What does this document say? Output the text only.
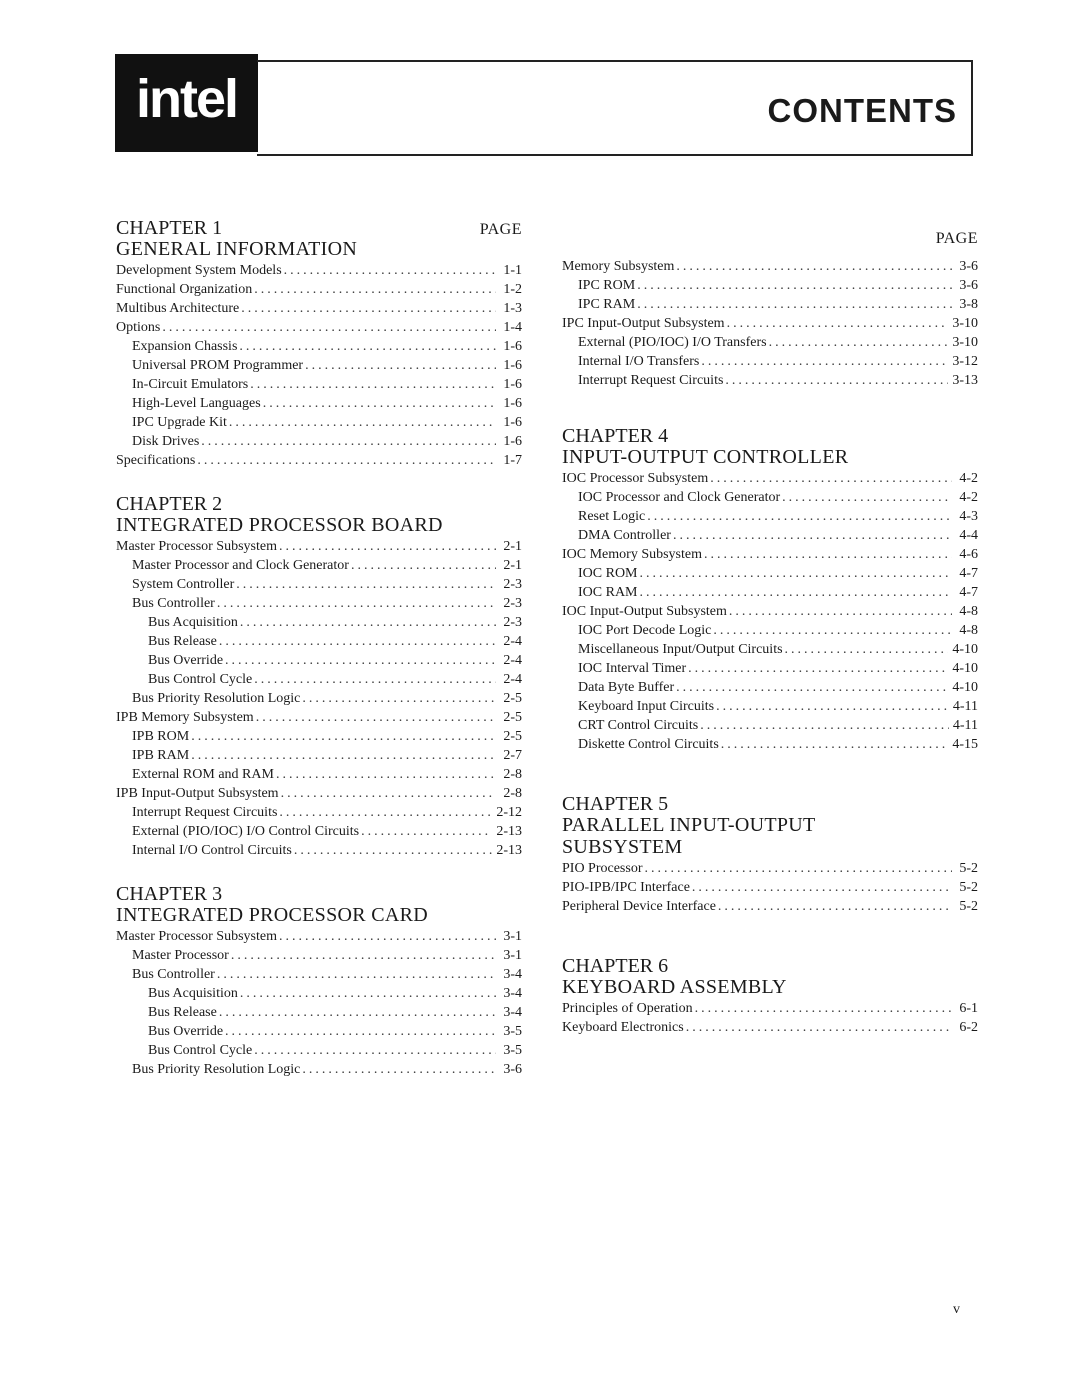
intel	CONTENTS
CHAPTER 1	PAGE
GENERAL INFORMATION
Development System Models .....	1-1
Functional Organization .....	1-2
Multibus Architecture .....	1-3
Options .....	1-4
Expansion Chassis .....	1-6
Universal PROM Programmer .....	1-6
In-Circuit Emulators .....	1-6
High-Level Languages .....	1-6
IPC Upgrade Kit .....	1-6
Disk Drives .....	1-6
Specifications .....	1-7
CHAPTER 2
INTEGRATED PROCESSOR BOARD
Master Processor Subsystem .....	2-1
Master Processor and Clock Generator .....	2-1
System Controller .....	2-3
Bus Controller .....	2-3
Bus Acquisition .....	2-3
Bus Release .....	2-4
Bus Override .....	2-4
Bus Control Cycle .....	2-4
Bus Priority Resolution Logic .....	2-5
IPB Memory Subsystem .....	2-5
IPB ROM .....	2-5
IPB RAM .....	2-7
External ROM and RAM .....	2-8
IPB Input-Output Subsystem .....	2-8
Interrupt Request Circuits .....	2-12
External (PIO/IOC) I/O Control Circuits .....	2-13
Internal I/O Control Circuits .....	2-13
CHAPTER 3
INTEGRATED PROCESSOR CARD
Master Processor Subsystem .....	3-1
Master Processor .....	3-1
Bus Controller .....	3-4
Bus Acquisition .....	3-4
Bus Release .....	3-4
Bus Override .....	3-5
Bus Control Cycle .....	3-5
Bus Priority Resolution Logic .....	3-6
PAGE
Memory Subsystem .....	3-6
IPC ROM .....	3-6
IPC RAM .....	3-8
IPC Input-Output Subsystem .....	3-10
External (PIO/IOC) I/O Transfers .....	3-10
Internal I/O Transfers .....	3-12
Interrupt Request Circuits .....	3-13
CHAPTER 4
INPUT-OUTPUT CONTROLLER
IOC Processor Subsystem .....	4-2
IOC Processor and Clock Generator .....	4-2
Reset Logic .....	4-3
DMA Controller .....	4-4
IOC Memory Subsystem .....	4-6
IOC ROM .....	4-7
IOC RAM .....	4-7
IOC Input-Output Subsystem .....	4-8
IOC Port Decode Logic .....	4-8
Miscellaneous Input/Output Circuits .....	4-10
IOC Interval Timer .....	4-10
Data Byte Buffer .....	4-10
Keyboard Input Circuits .....	4-11
CRT Control Circuits .....	4-11
Diskette Control Circuits .....	4-15
CHAPTER 5
PARALLEL INPUT-OUTPUT
SUBSYSTEM
PIO Processor .....	5-2
PIO-IPB/IPC Interface .....	5-2
Peripheral Device Interface .....	5-2
CHAPTER 6
KEYBOARD ASSEMBLY
Principles of Operation .....	6-1
Keyboard Electronics .....	6-2
v
